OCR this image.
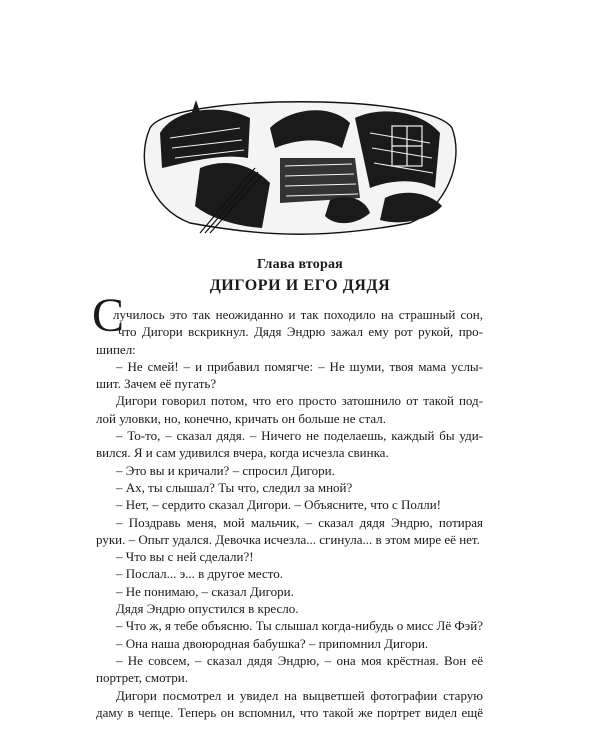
Глава вторая
ДИГОРИ И ЕГО ДЯДЯ
С
лучилось это так неожиданно и так походило на страшный сон,
что Дигори вскрикнул. Дядя Эндрю зажал ему рот рукой, про-
шипел:
– Не смей! – и прибавил помягче: – Не шуми, твоя мама услы-
шит. Зачем её пугать?
Дигори говорил потом, что его просто затошнило от такой под-
лой уловки, но, конечно, кричать он больше не стал.
– То-то, – сказал дядя. – Ничего не поделаешь, каждый бы уди-
вился. Я и сам удивился вчера, когда исчезла свинка.
– Это вы и кричали? – спросил Дигори.
– Ах, ты слышал? Ты что, следил за мной?
– Нет, – сердито сказал Дигори. – Объясните, что с Полли!
– Поздравь меня, мой мальчик, – сказал дядя Эндрю, потирая
руки. – Опыт удался. Девочка исчезла... сгинула... в этом мире её нет.
– Что вы с ней сделали?!
– Послал... э... в другое место.
– Не понимаю, – сказал Дигори.
Дядя Эндрю опустился в кресло.
– Что ж, я тебе объясню. Ты слышал когда-нибудь о мисс Лё Фэй?
– Она наша двоюродная бабушка? – припомнил Дигори.
– Не совсем, – сказал дядя Эндрю, – она моя крёстная. Вон её
портрет, смотри.
Дигори посмотрел и увидел на выцветшей фотографии старую
даму в чепце. Теперь он вспомнил, что такой же портрет видел ещё
